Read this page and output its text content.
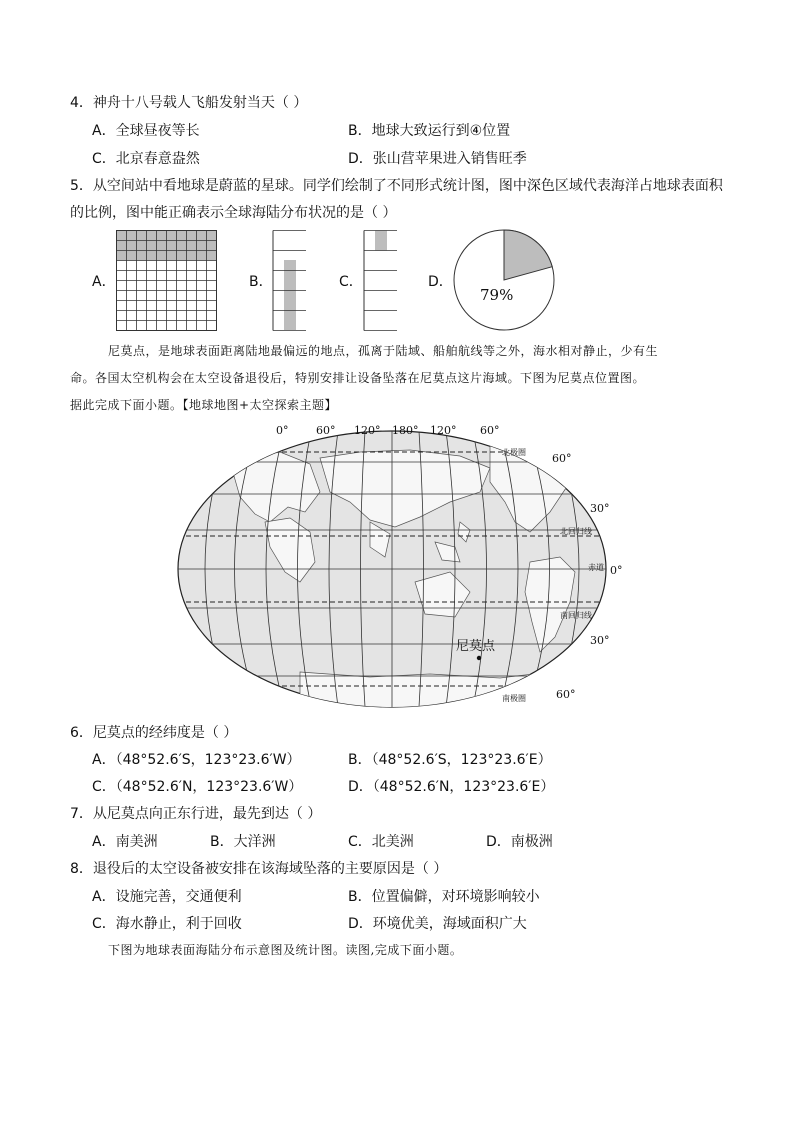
4．神舟十八号载人飞船发射当天（ ）
A．全球昼夜等长	B．地球大致运行到④位置
C．北京春意盎然	D．张山营苹果进入销售旺季
5．从空间站中看地球是蔚蓝的星球。同学们绘制了不同形式统计图，图中深色区域代表海洋占地球表面积
的比例，图中能正确表示全球海陆分布状况的是（ ）
A．	B．	C．	D．
79%
尼莫点，是地球表面距离陆地最偏远的地点，孤离于陆域、船舶航线等之外，海水相对静止，少有生
命。各国太空机构会在太空设备退役后，特别安排让设备坠落在尼莫点这片海域。下图为尼莫点位置图。
据此完成下面小题。【地球地图+太空探索主题】
0°	60° 120° 180° 120° 60°
60°
30°
0°
30°
60°
北极圈
北回归线
赤道
南回归线
南极圈
尼莫点
6．尼莫点的经纬度是（ ）
A．（48°52.6′S，123°23.6′W）	B．（48°52.6′S，123°23.6′E）
C．（48°52.6′N，123°23.6′W）	D．（48°52.6′N，123°23.6′E）
7．从尼莫点向正东行进，最先到达（ ）
A．南美洲	B．大洋洲	C．北美洲	D．南极洲
8．退役后的太空设备被安排在该海域坠落的主要原因是（ ）
A．设施完善，交通便利	B．位置偏僻，对环境影响较小
C．海水静止，利于回收	D．环境优美，海域面积广大
下图为地球表面海陆分布示意图及统计图。读图,完成下面小题。
